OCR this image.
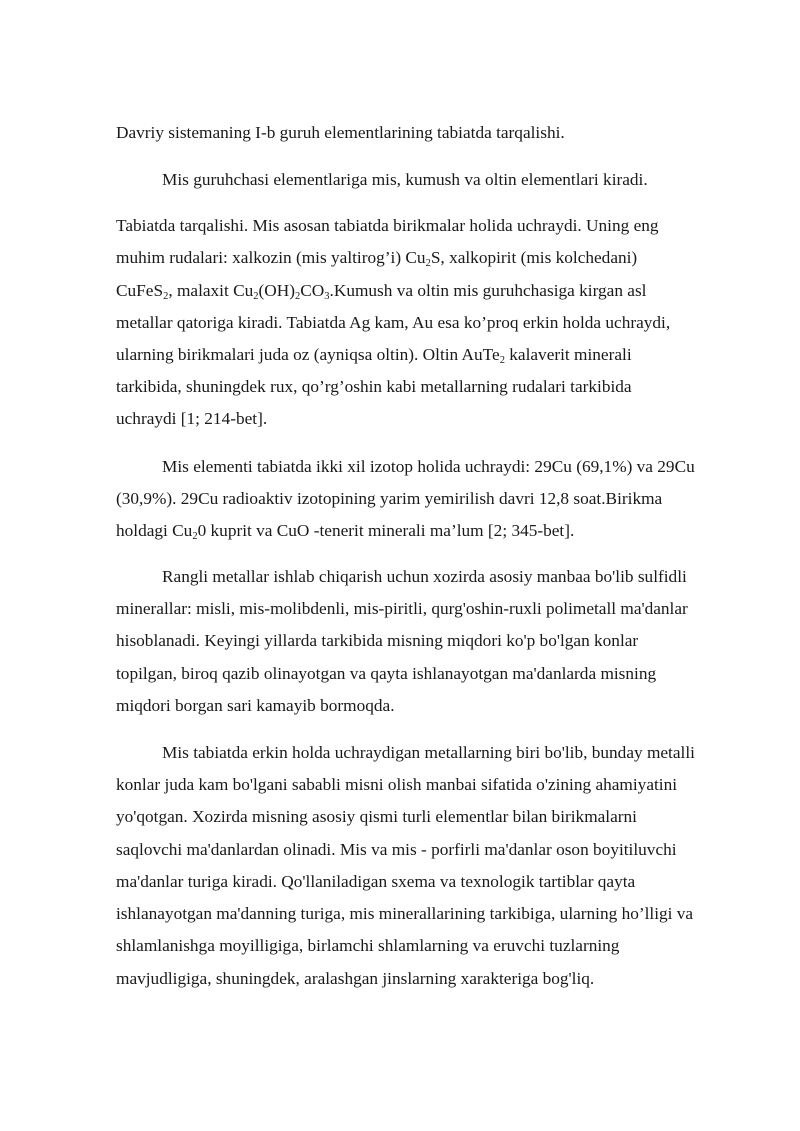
Davriy sistemaning I-b guruh elementlarining tabiatda tarqalishi.
Mis guruhchasi elementlariga mis, kumush va oltin elementlari kiradi.
Tabiatda tarqalishi. Mis asosan tabiatda birikmalar holida uchraydi. Uning eng
muhim rudalari: xalkozin (mis yaltirog’i) $Cu_2S$, xalkopirit (mis kolchedani)
CuFeS$_2$, malaxit $Cu_2(OH)_2CO_3.Kumush$ va oltin mis guruhchasiga kirgan asl
metallar qatoriga kiradi. Tabiatda Ag kam, Au esa ko’proq erkin holda uchraydi,
ularning birikmalari juda oz (ayniqsa oltin). Oltin AuTe$_2$ kalaverit minerali
tarkibida, shuningdek rux, qo’rg’oshin kabi metallarning rudalari tarkibida
uchraydi [1; 214-bet].
Mis elementi tabiatda ikki xil izotop holida uchraydi: 29Cu (69,1%) va 29Cu
(30,9%). 29Cu radioaktiv izotopining yarim yemirilish davri 12,8 soat.Birikma
holdagi $Cu_20$ kuprit va CuO -tenerit minerali ma’lum [2; 345-bet].
Rangli metallar ishlab chiqarish uchun xozirda asosiy manbaa bo'lib sulfidli
minerallar: misli, mis-molibdenli, mis-piritli, qurg'oshin-ruxli polimetall ma'danlar
hisoblanadi. Keyingi yillarda tarkibida misning miqdori ko'p bo'lgan konlar
topilgan, biroq qazib olinayotgan va qayta ishlanayotgan ma'danlarda misning
miqdori borgan sari kamayib bormoqda.
Mis tabiatda erkin holda uchraydigan metallarning biri bo'lib, bunday metalli
konlar juda kam bo'lgani sababli misni olish manbai sifatida o'zining ahamiyatini
yo'qotgan. Xozirda misning asosiy qismi turli elementlar bilan birikmalarni
saqlovchi ma'danlardan olinadi. Mis va mis - porfirli ma'danlar oson boyitiluvchi
ma'danlar turiga kiradi. Qo'llaniladigan sxema va texnologik tartiblar qayta
ishlanayotgan ma'danning turiga, mis minerallarining tarkibiga, ularning ho’lligi va
shlamlanishga moyilligiga, birlamchi shlamlarning va eruvchi tuzlarning
mavjudligiga, shuningdek, aralashgan jinslarning xarakteriga bog'liq.
